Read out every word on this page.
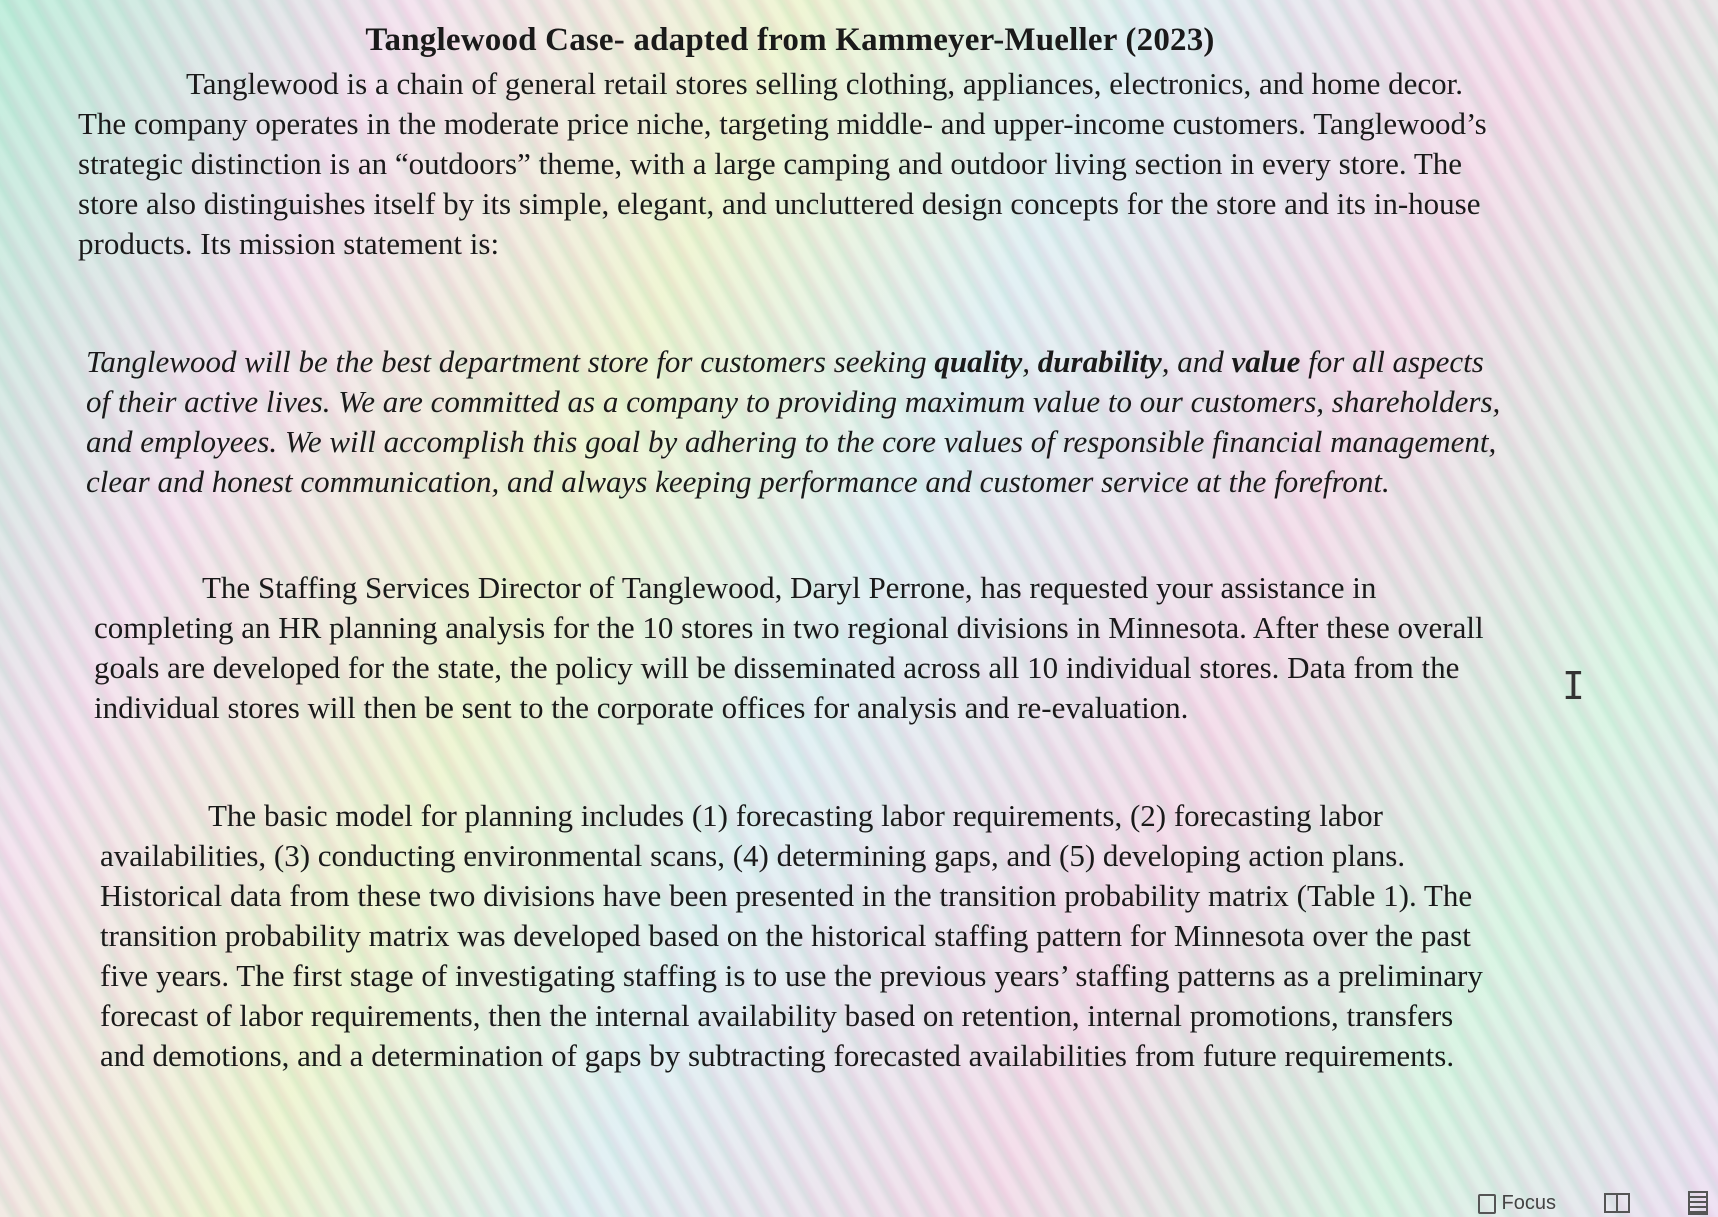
Tanglewood Case- adapted from Kammeyer-Mueller (2023)

Tanglewood is a chain of general retail stores selling clothing, appliances, electronics, and home decor. The company operates in the moderate price niche, targeting middle- and upper-income customers. Tanglewood’s strategic distinction is an “outdoors” theme, with a large camping and outdoor living section in every store. The store also distinguishes itself by its simple, elegant, and uncluttered design concepts for the store and its in-house products. Its mission statement is:

Tanglewood will be the best department store for customers seeking quality, durability, and value for all aspects of their active lives. We are committed as a company to providing maximum value to our customers, shareholders, and employees. We will accomplish this goal by adhering to the core values of responsible financial management, clear and honest communication, and always keeping performance and customer service at the forefront.

The Staffing Services Director of Tanglewood, Daryl Perrone, has requested your assistance in completing an HR planning analysis for the 10 stores in two regional divisions in Minnesota. After these overall goals are developed for the state, the policy will be disseminated across all 10 individual stores. Data from the individual stores will then be sent to the corporate offices for analysis and re-evaluation.

The basic model for planning includes (1) forecasting labor requirements, (2) forecasting labor availabilities, (3) conducting environmental scans, (4) determining gaps, and (5) developing action plans. Historical data from these two divisions have been presented in the transition probability matrix (Table 1). The transition probability matrix was developed based on the historical staffing pattern for Minnesota over the past five years. The first stage of investigating staffing is to use the previous years’ staffing patterns as a preliminary forecast of labor requirements, then the internal availability based on retention, internal promotions, transfers and demotions, and a determination of gaps by subtracting forecasted availabilities from future requirements.

I
Focus
